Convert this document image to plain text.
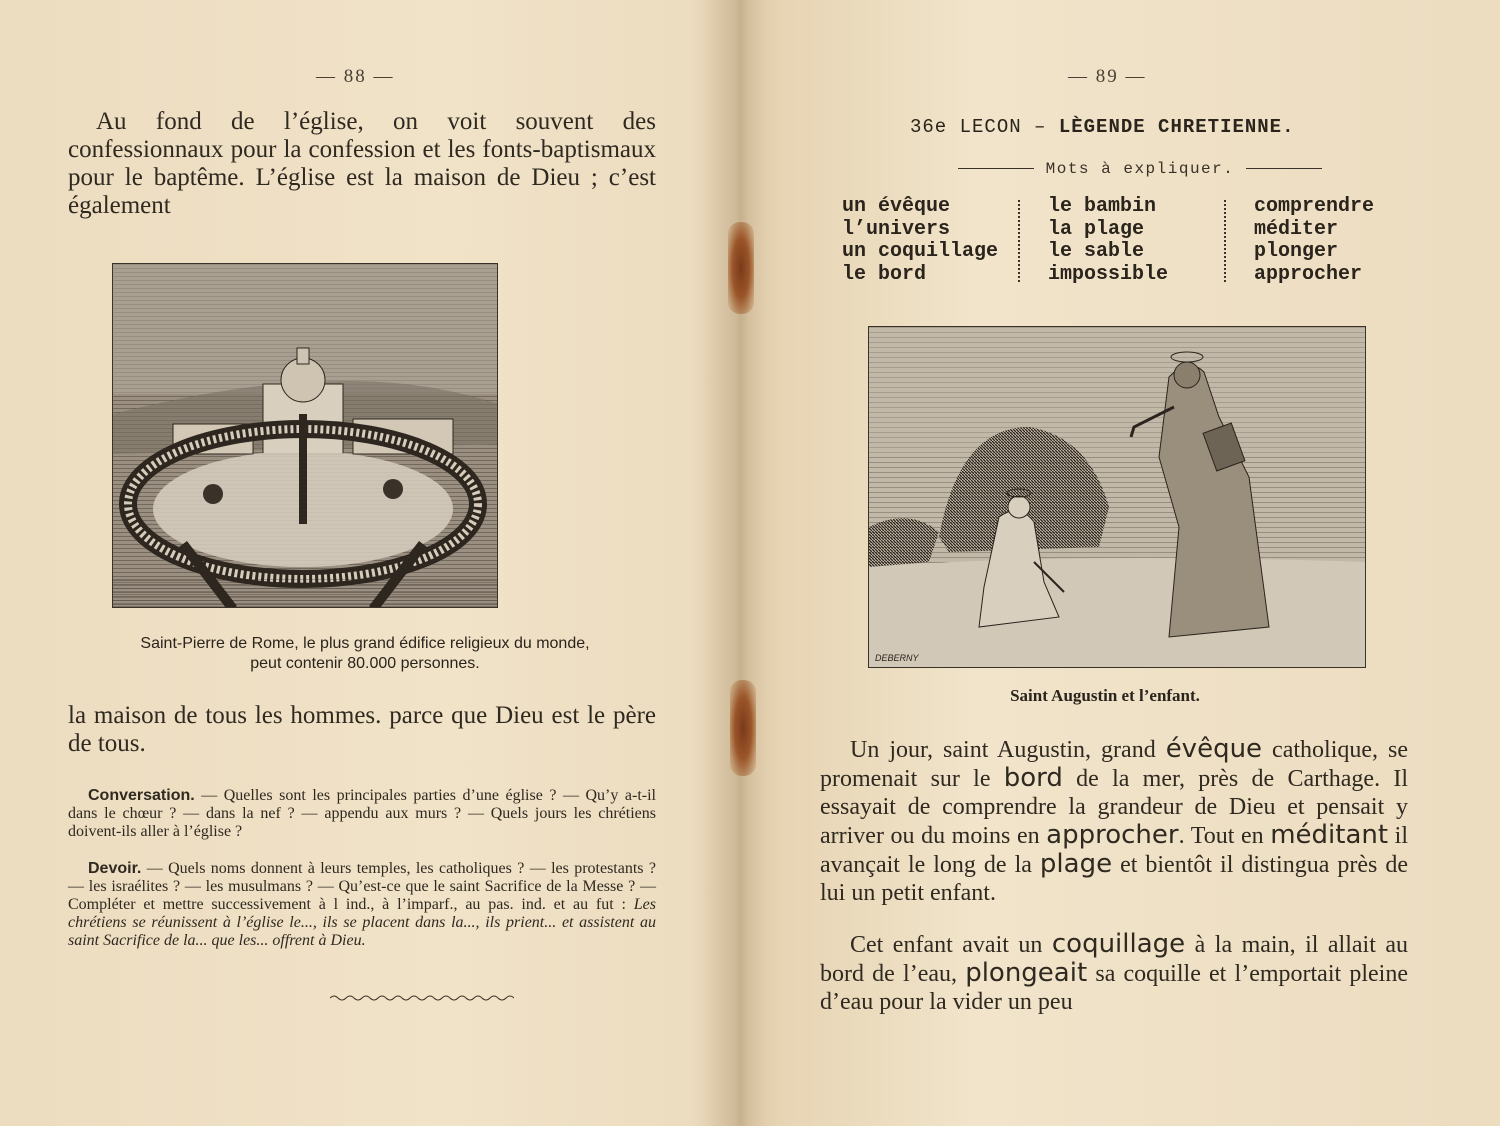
— 88 —

Au fond de l’église, on voit souvent des confessionnaux pour la confession et les fonts-baptismaux pour le baptême. L’église est la maison de Dieu ; c’est également

Saint-Pierre de Rome, le plus grand édifice religieux du monde,
peut contenir 80.000 personnes.

la maison de tous les hommes. parce que Dieu est le père de tous.

Conversation. — Quelles sont les principales parties d’une église ? — Qu’y a-t-il dans le chœur ? — dans la nef ? — appendu aux murs ? — Quels jours les chrétiens doivent-ils aller à l’église ?

Devoir. — Quels noms donnent à leurs temples, les catholiques ? — les protestants ? — les israélites ? — les musulmans ? — Qu’est-ce que le saint Sacrifice de la Messe ? — Compléter et mettre successivement à l ind., à l’imparf., au pas. ind. et au fut : Les chrétiens se réunissent à l’église le..., ils se placent dans la..., ils prient... et assistent au saint Sacrifice de la... que les... offrent à Dieu.

— 89 —
36e LECON – LÈGENDE CHRETIENNE.
Mots à expliquer.
un évêque
l’univers
un coquillage
le bord
le bambin
la plage
le sable
impossible
comprendre
méditer
plonger
approcher
DEBERNY
Saint Augustin et l’enfant.

Un jour, saint Augustin, grand évêque catholique, se promenait sur le bord de la mer, près de Carthage. Il essayait de comprendre la grandeur de Dieu et pensait y arriver ou du moins en approcher. Tout en méditant il avançait le long de la plage et bientôt il distingua près de lui un petit enfant.

Cet enfant avait un coquillage à la main, il allait au bord de l’eau, plongeait sa coquille et l’emportait pleine d’eau pour la vider un peu
